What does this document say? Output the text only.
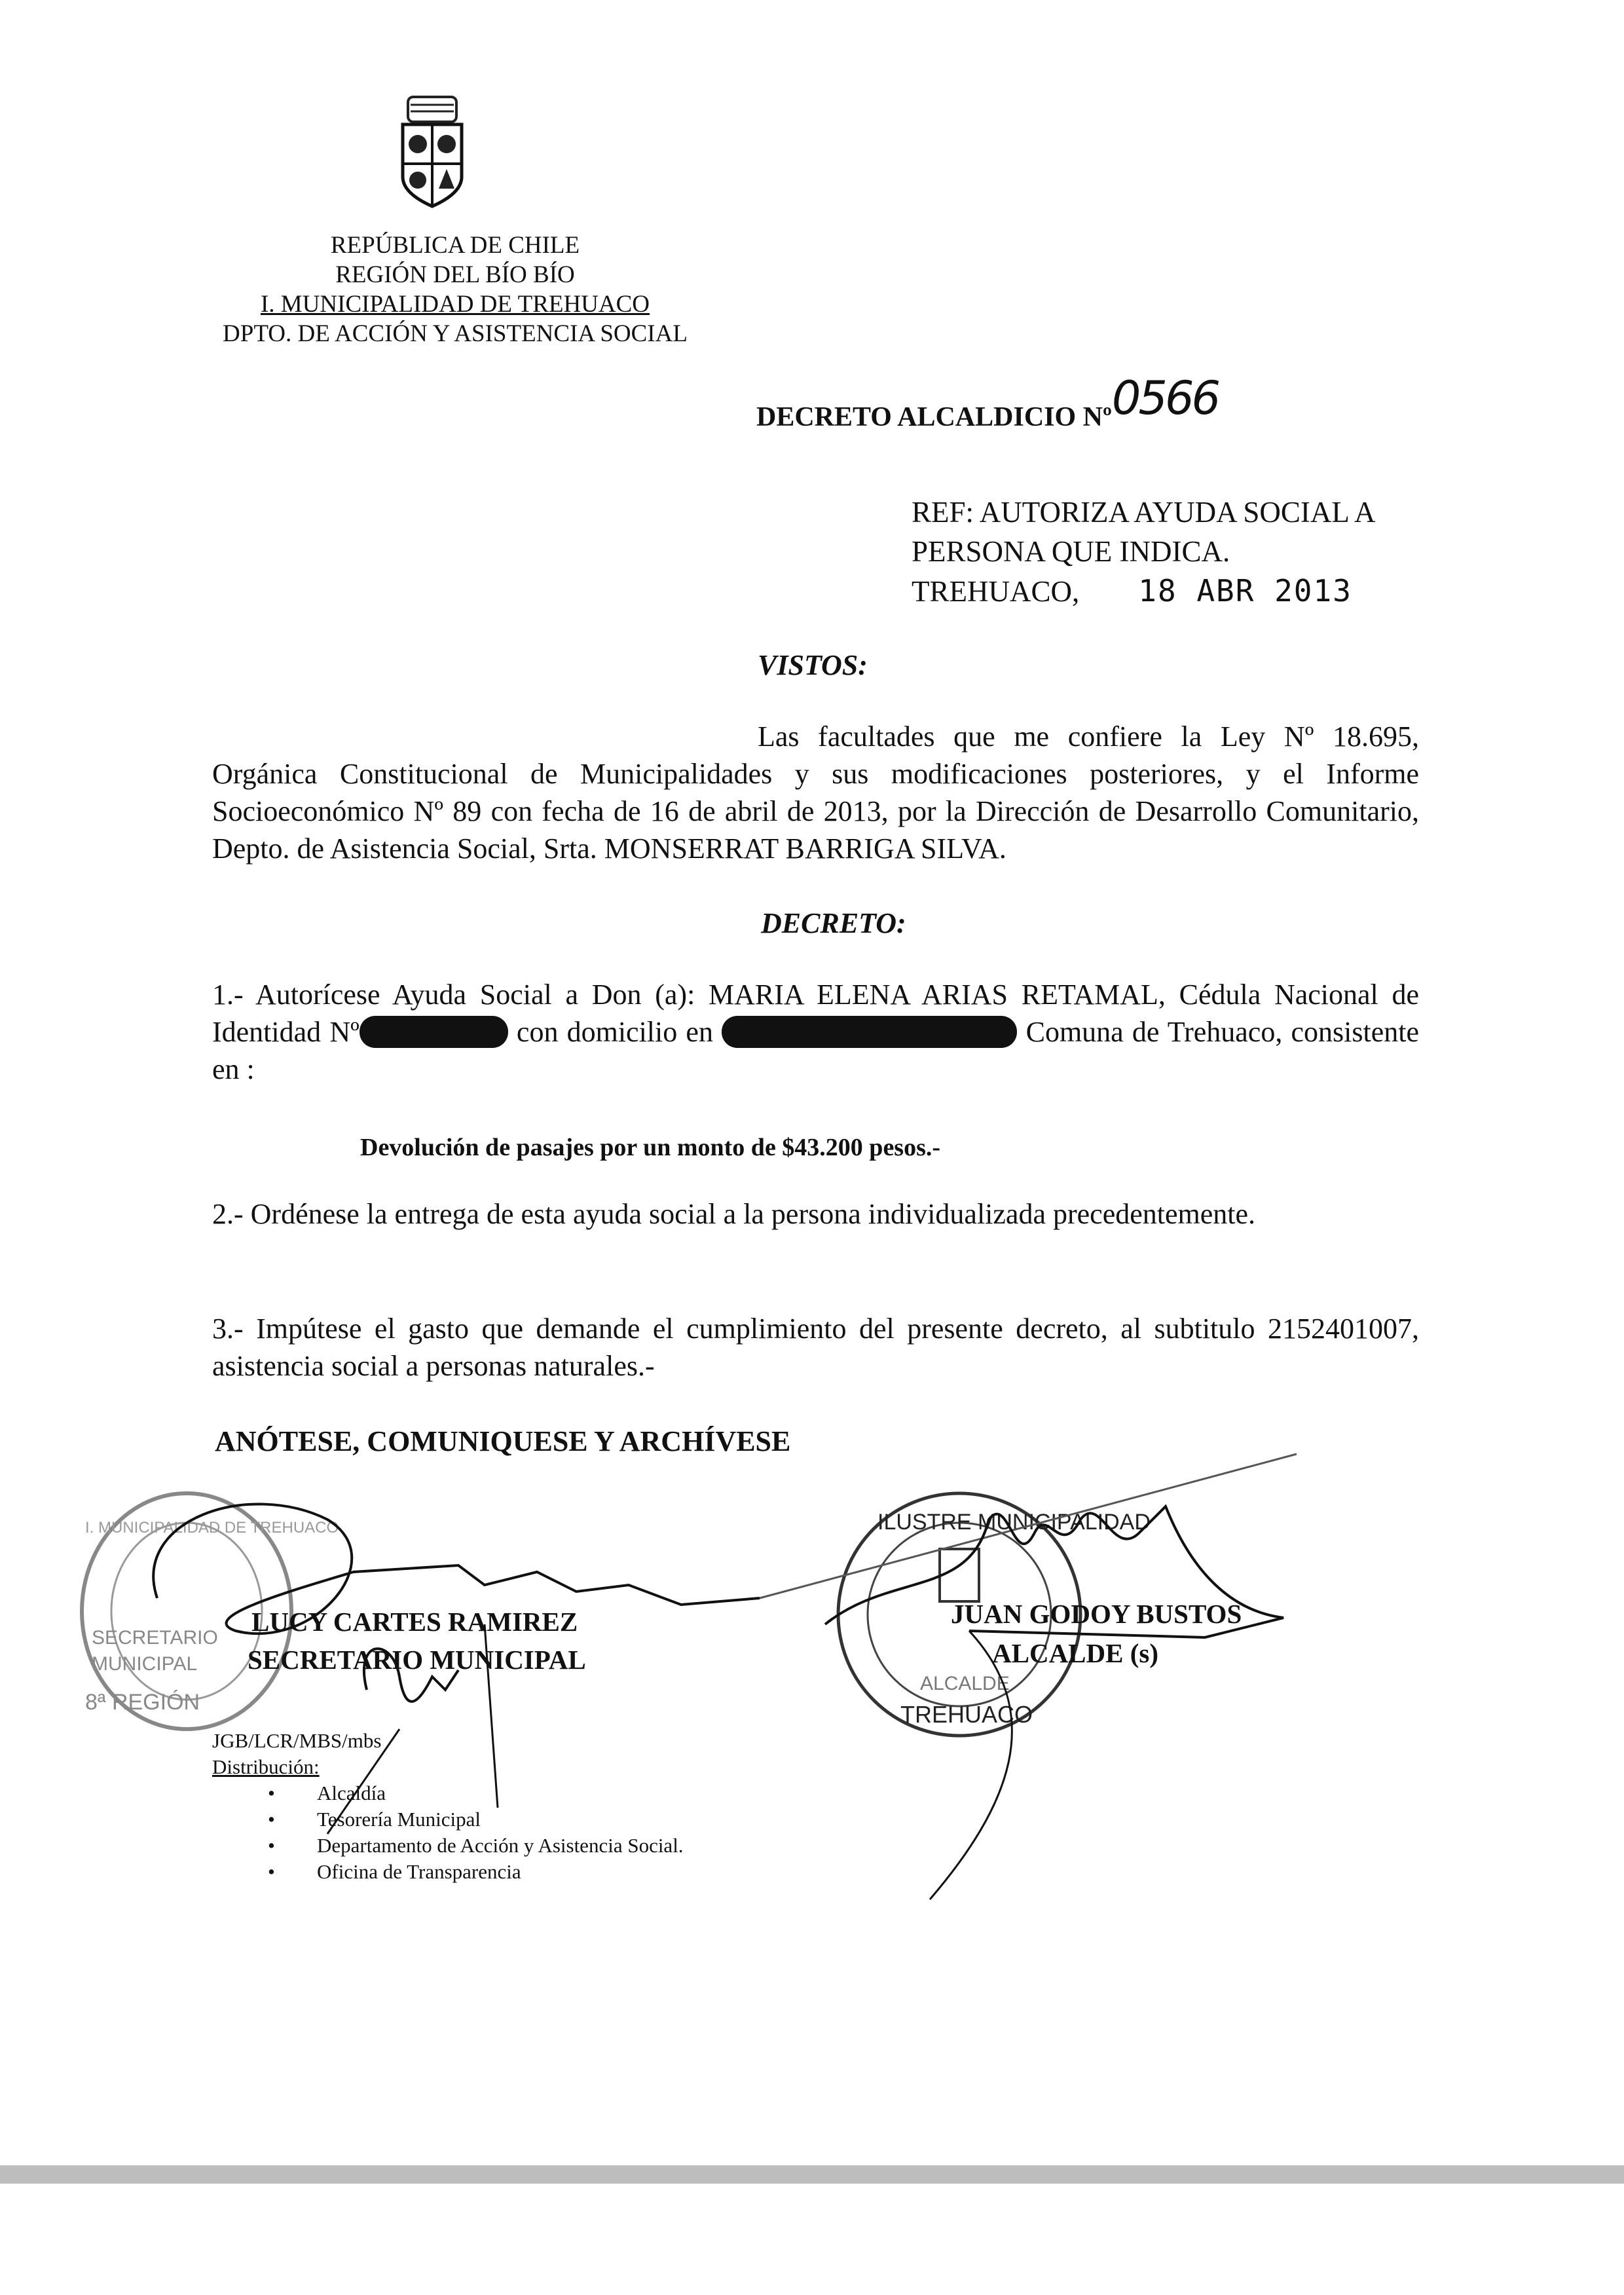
REPÚBLICA DE CHILE
REGIÓN DEL BÍO BÍO
I. MUNICIPALIDAD DE TREHUACO
DPTO. DE ACCIÓN Y ASISTENCIA SOCIAL
DECRETO ALCALDICIO Nº0566
REF: AUTORIZA AYUDA SOCIAL A
PERSONA QUE INDICA.
TREHUACO, 18 ABR 2013
VISTOS:
Las facultades que me confiere la Ley Nº 18.695, Orgánica Constitucional de Municipalidades y sus modificaciones posteriores, y el Informe Socioeconómico Nº 89 con fecha de 16 de abril de 2013, por la Dirección de Desarrollo Comunitario, Depto. de Asistencia Social, Srta. MONSERRAT BARRIGA SILVA.
DECRETO:
1.- Autorícese Ayuda Social a Don (a): MARIA ELENA ARIAS RETAMAL, Cédula Nacional de Identidad Nº 11290268-6 con domicilio en Sector Minas de Leuque Comuna de Trehuaco, consistente en :
Devolución de pasajes por un monto de $43.200 pesos.-
2.- Ordénese la entrega de esta ayuda social a la persona individualizada precedentemente.
3.- Impútese el gasto que demande el cumplimiento del presente decreto, al subtitulo 2152401007, asistencia social a personas naturales.-
ANÓTESE, COMUNIQUESE Y ARCHÍVESE
I. MUNICIPALIDAD DE TREHUACO
SECRETARIO
MUNICIPAL
8ª REGIÓN
ILUSTRE MUNICIPALIDAD
ALCALDE
TREHUACO
LUCY CARTES RAMIREZ
SECRETARIO MUNICIPAL
JUAN GODOY BUSTOS
ALCALDE (s)
JGB/LCR/MBS/mbs
Distribución:
• Alcaldía
• Tesorería Municipal
• Departamento de Acción y Asistencia Social.
• Oficina de Transparencia
